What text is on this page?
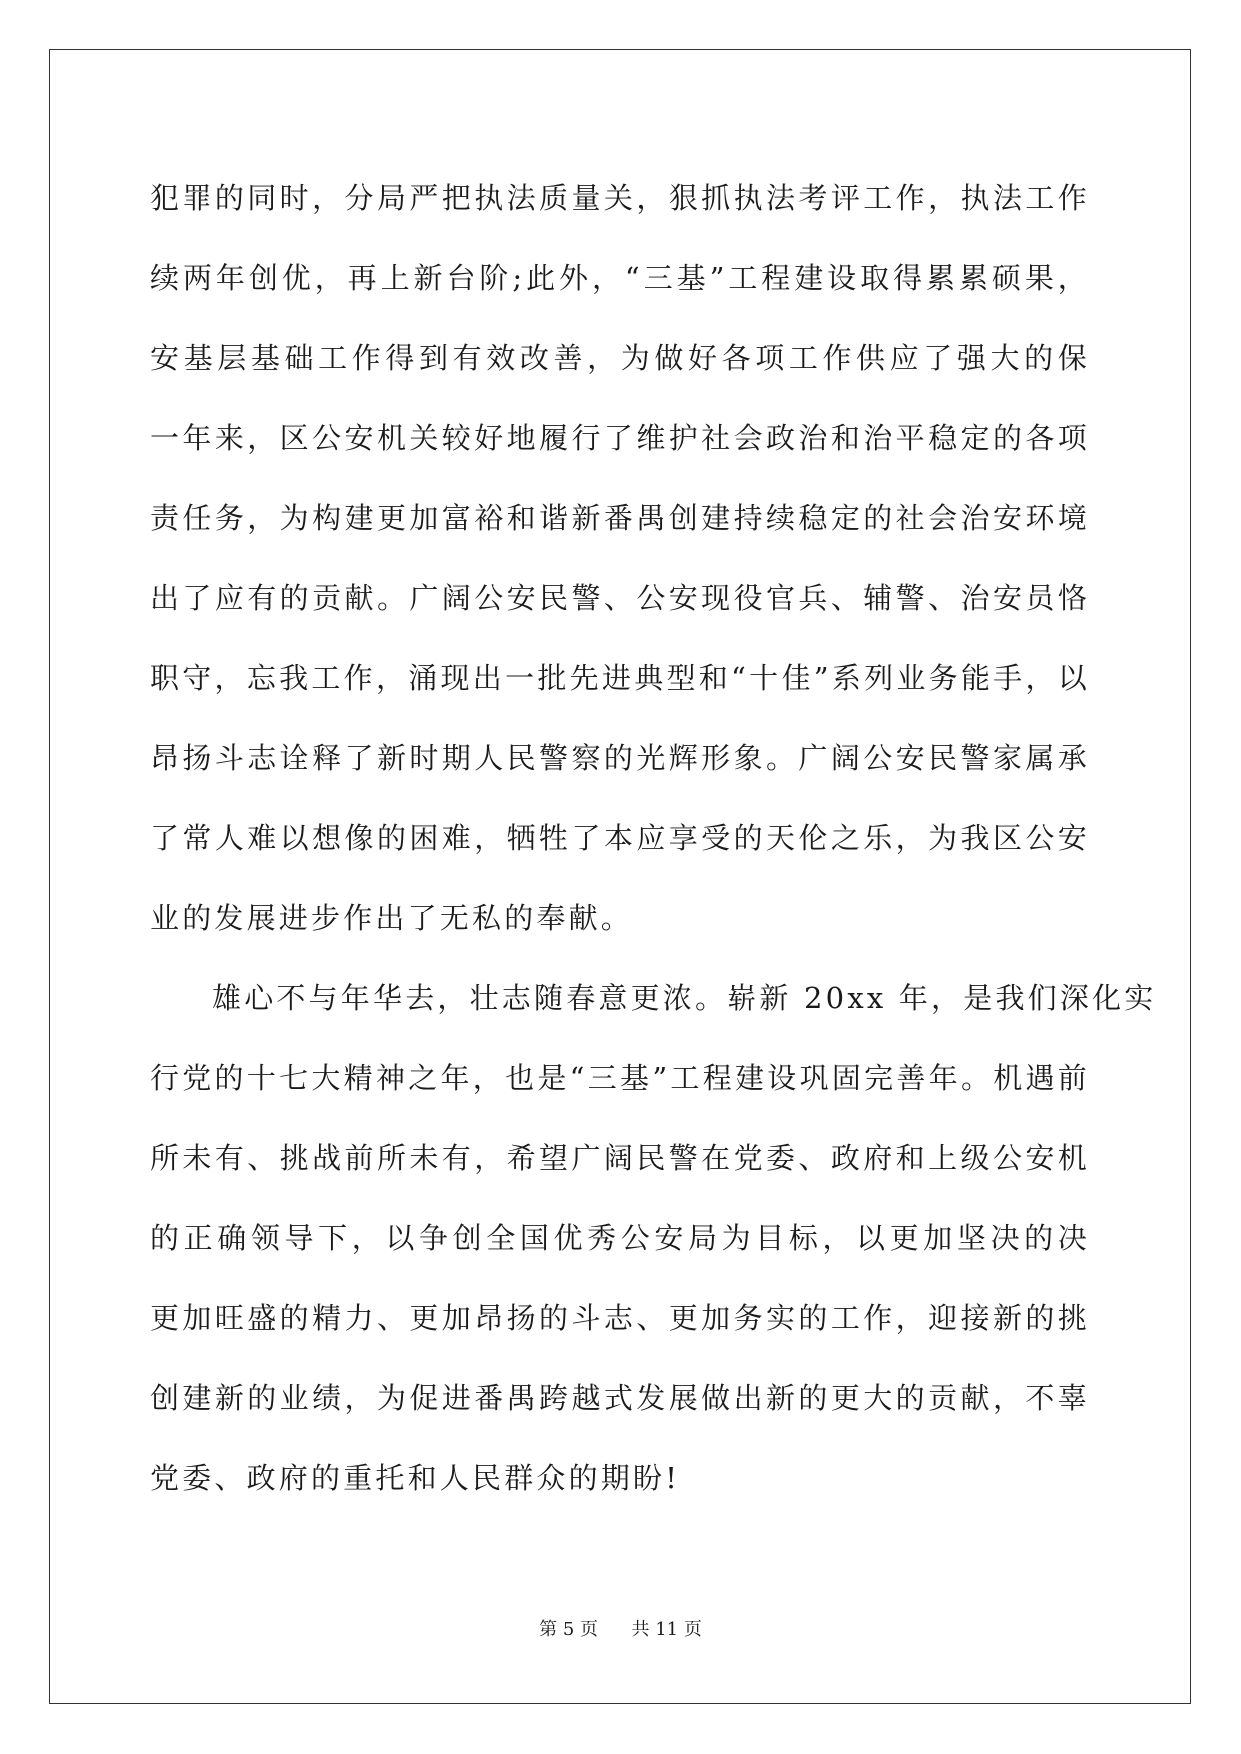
犯罪的同时，分局严把执法质量关，狠抓执法考评工作，执法工作
续两年创优，再上新台阶;此外，“三基”工程建设取得累累硕果，
安基层基础工作得到有效改善，为做好各项工作供应了强大的保
一年来，区公安机关较好地履行了维护社会政治和治平稳定的各项
责任务，为构建更加富裕和谐新番禺创建持续稳定的社会治安环境
出了应有的贡献。广阔公安民警、公安现役官兵、辅警、治安员恪
职守，忘我工作，涌现出一批先进典型和“十佳”系列业务能手，以
昂扬斗志诠释了新时期人民警察的光辉形象。广阔公安民警家属承
了常人难以想像的困难，牺牲了本应享受的天伦之乐，为我区公安
业的发展进步作出了无私的奉献。
雄心不与年华去，壮志随春意更浓。崭新 20xx 年，是我们深化实
行党的十七大精神之年，也是“三基”工程建设巩固完善年。机遇前
所未有、挑战前所未有，希望广阔民警在党委、政府和上级公安机
的正确领导下，以争创全国优秀公安局为目标，以更加坚决的决
更加旺盛的精力、更加昂扬的斗志、更加务实的工作，迎接新的挑
创建新的业绩，为促进番禺跨越式发展做出新的更大的贡献，不辜
党委、政府的重托和人民群众的期盼!
第 5 页 共 11 页
